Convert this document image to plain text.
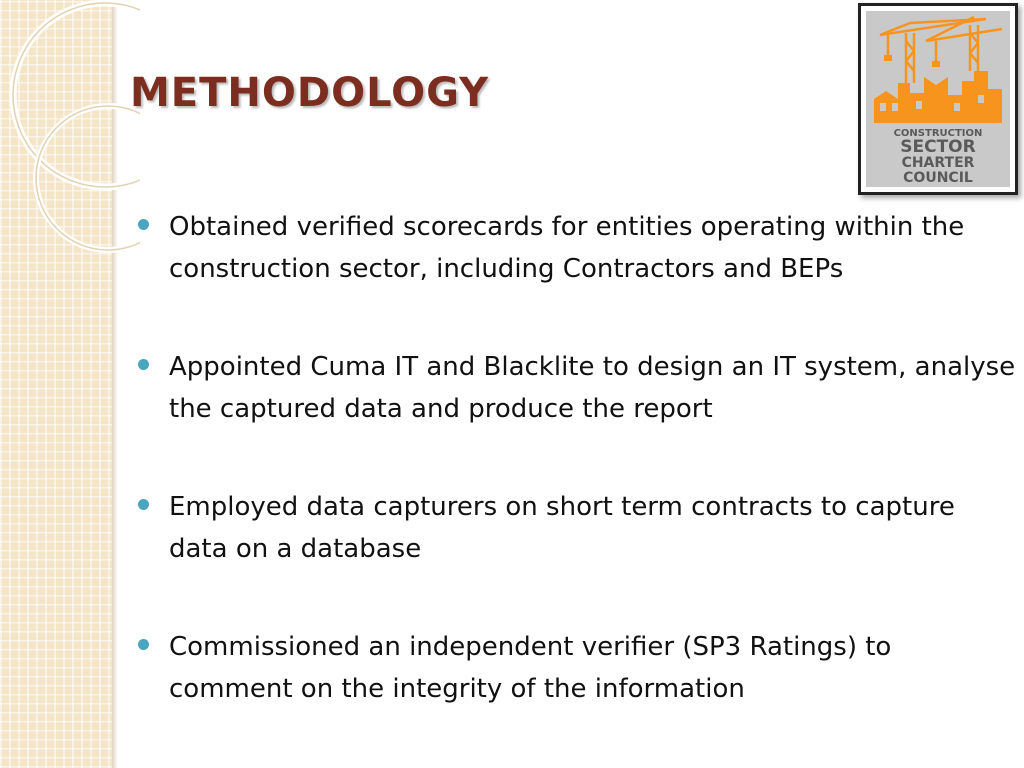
METHODOLOGY
CONSTRUCTION
SECTOR
CHARTER
COUNCIL
Obtained verified scorecards for entities operating within the construction sector, including Contractors and BEPs
Appointed Cuma IT and Blacklite to design an IT system, analyse the captured data and produce the report
Employed data capturers on short term contracts to capture data on a database
Commissioned an independent verifier (SP3 Ratings) to comment on the integrity of the information
